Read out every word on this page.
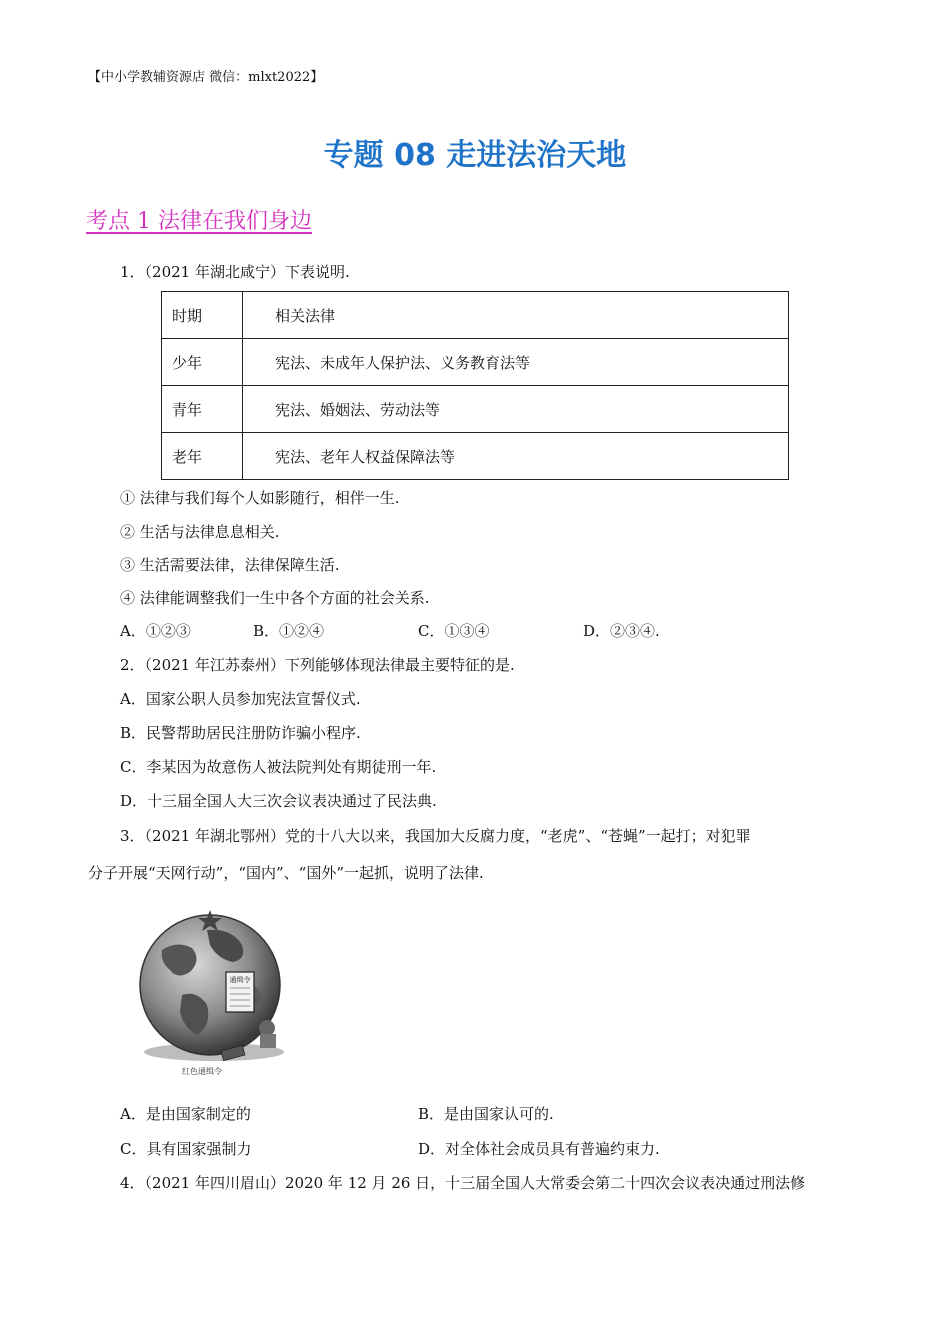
【中小学教辅资源店 微信：mlxt2022】
专题 08 走进法治天地
考点 1 法律在我们身边
1．（2021 年湖北咸宁）下表说明.
时期	相关法律
少年	宪法、未成年人保护法、义务教育法等
青年	宪法、婚姻法、劳动法等
老年	宪法、老年人权益保障法等
① 法律与我们每个人如影随行，相伴一生.
② 生活与法律息息相关.
③ 生活需要法律，法律保障生活.
④ 法律能调整我们一生中各个方面的社会关系.
A．①②③	B．①②④	C．①③④	D．②③④.
2．（2021 年江苏泰州）下列能够体现法律最主要特征的是.
A．国家公职人员参加宪法宣誓仪式.
B．民警帮助居民注册防诈骗小程序.
C．李某因为故意伤人被法院判处有期徒刑一年.
D．十三届全国人大三次会议表决通过了民法典.
3．（2021 年湖北鄂州）党的十八大以来，我国加大反腐力度，“老虎”、“苍蝇”一起打；对犯罪
分子开展“天网行动”，“国内”、“国外”一起抓，说明了法律.
通缉令
红色通缉令
A．是由国家制定的	B．是由国家认可的.
C．具有国家强制力	D．对全体社会成员具有普遍约束力.
4．（2021 年四川眉山）2020 年 12 月 26 日，十三届全国人大常委会第二十四次会议表决通过刑法修
